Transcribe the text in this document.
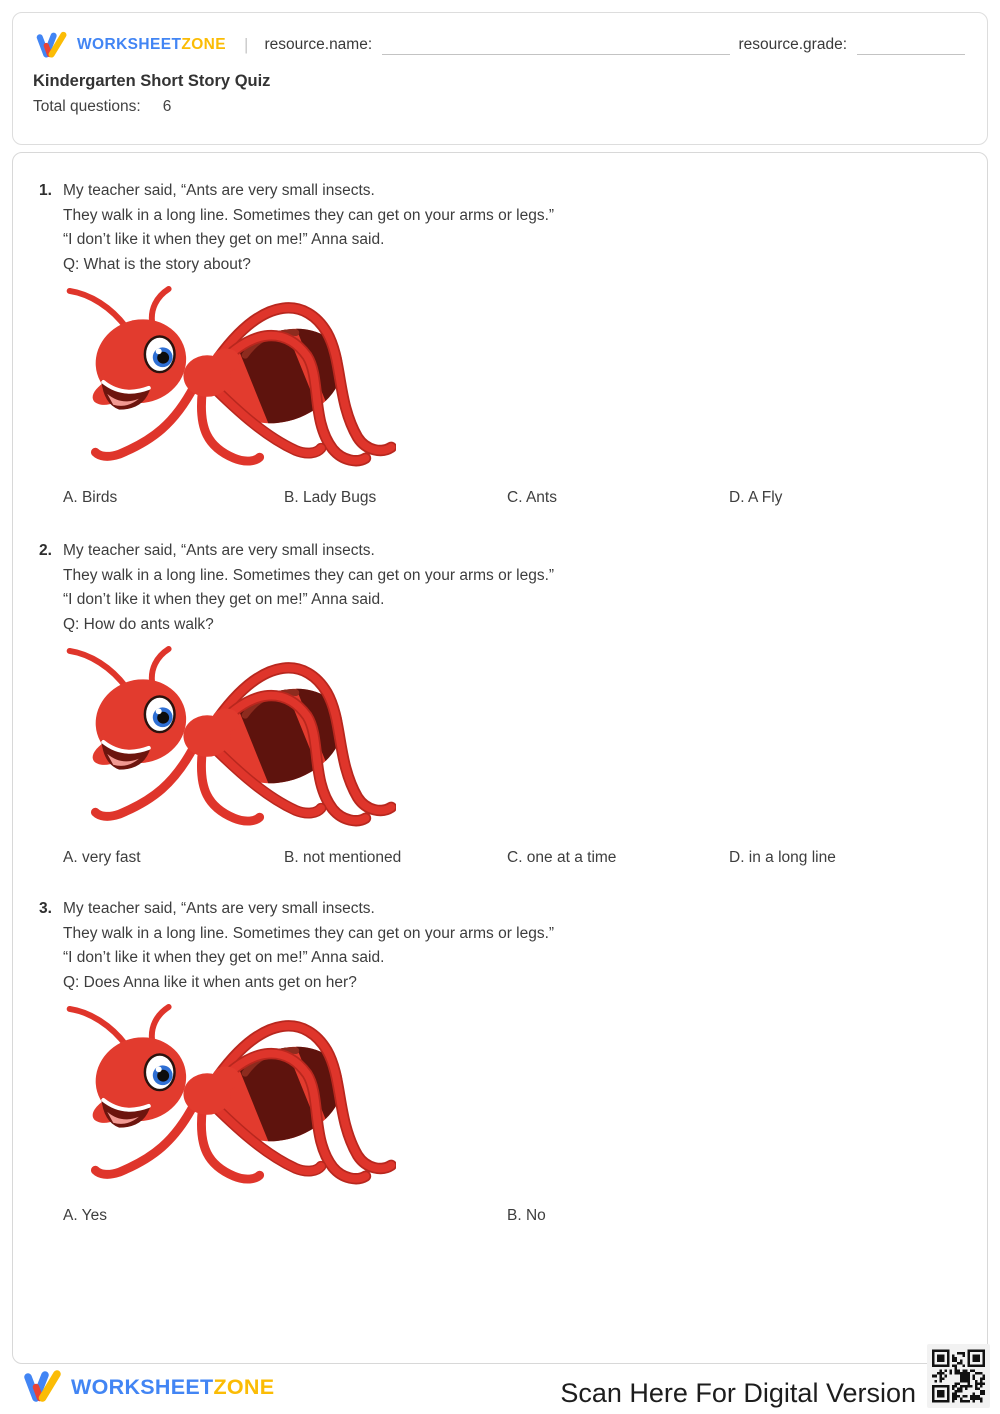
WORKSHEETZONE | resource.name:	resource.grade:
Kindergarten Short Story Quiz
Total questions: 6
1. My teacher said, “Ants are very small insects.
They walk in a long line. Sometimes they can get on your arms or legs.”
“I don’t like it when they get on me!” Anna said.
Q: What is the story about?
A. Birds	B. Lady Bugs	C. Ants	D. A Fly
2. My teacher said, “Ants are very small insects.
They walk in a long line. Sometimes they can get on your arms or legs.”
“I don’t like it when they get on me!” Anna said.
Q: How do ants walk?
A. very fast	B. not mentioned	C. one at a time	D. in a long line
3. My teacher said, “Ants are very small insects.
They walk in a long line. Sometimes they can get on your arms or legs.”
“I don’t like it when they get on me!” Anna said.
Q: Does Anna like it when ants get on her?
A. Yes	B. No
WORKSHEETZONE	Scan Here For Digital Version
